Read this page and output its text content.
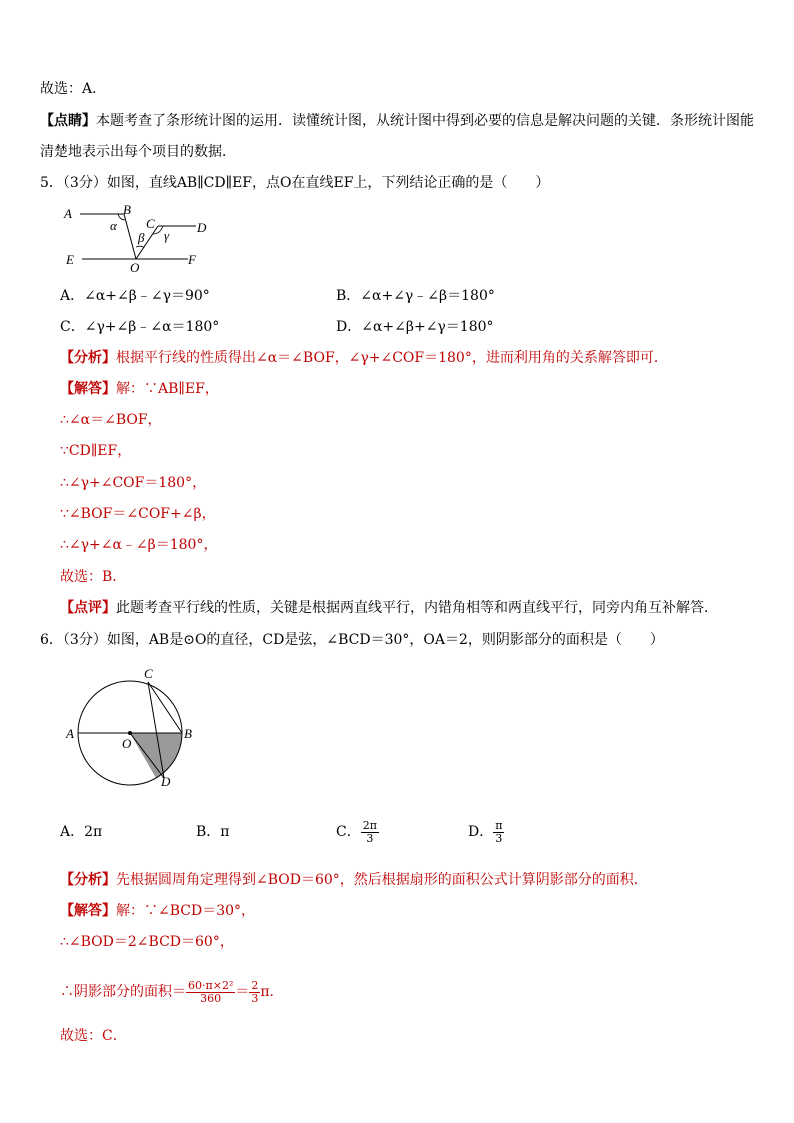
故选：A．
【点睛】本题考查了条形统计图的运用．读懂统计图，从统计图中得到必要的信息是解决问题的关键．条形统计图能
清楚地表示出每个项目的数据．
5．（3分）如图，直线AB∥CD∥EF，点O在直线EF上，下列结论正确的是（　　）
A	B
C	D
E	F
O
α
β γ
A．∠α+∠β﹣∠γ＝90°	B．∠α+∠γ﹣∠β＝180°
C．∠γ+∠β﹣∠α＝180°	D．∠α+∠β+∠γ＝180°
【分析】根据平行线的性质得出∠α＝∠BOF，∠γ+∠COF＝180°，进而利用角的关系解答即可．
【解答】解：∵AB∥EF，
∴∠α＝∠BOF，
∵CD∥EF，
∴∠γ+∠COF＝180°，
∵∠BOF＝∠COF+∠β，
∴∠γ+∠α﹣∠β＝180°，
故选：B．
【点评】此题考查平行线的性质，关键是根据两直线平行，内错角相等和两直线平行，同旁内角互补解答．
6．（3分）如图，AB是⊙O的直径，CD是弦，∠BCD＝30°，OA＝2，则阴影部分的面积是（　　）
C
A	B
O
D
A．2π	B．π	C． $\frac{2\pi}{3}$	D． $\frac{\pi}{3}$
【分析】先根据圆周角定理得到∠BOD＝60°，然后根据扇形的面积公式计算阴影部分的面积．
【解答】解：∵∠BCD＝30°，
∴∠BOD＝2∠BCD＝60°，
∴阴影部分的面积＝ $\frac{\text{60·π×2²}}{360} = \frac{2}{3}$ π．
故选：C．
